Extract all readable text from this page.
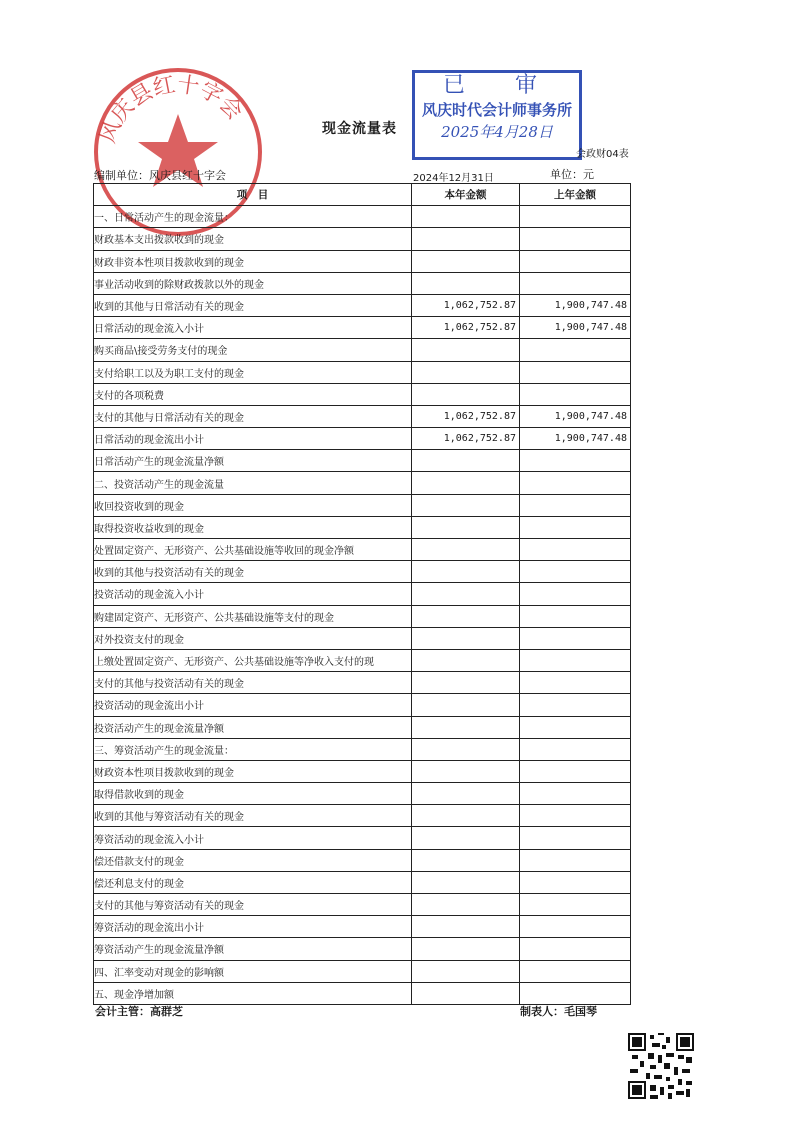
风庆县红十字会
已　审
风庆时代会计师事务所
2025年4月28日
现金流量表
会政财04表
编制单位：风庆县红十字会	2024年12月31日	单位：元
项　目	本年金额	上年金额
一、日常活动产生的现金流量：		
财政基本支出拨款收到的现金		
财政非资本性项目拨款收到的现金		
事业活动收到的除财政拨款以外的现金		
收到的其他与日常活动有关的现金	1,062,752.87	1,900,747.48
日常活动的现金流入小计	1,062,752.87	1,900,747.48
购买商品\接受劳务支付的现金		
支付给职工以及为职工支付的现金		
支付的各项税费		
支付的其他与日常活动有关的现金	1,062,752.87	1,900,747.48
日常活动的现金流出小计	1,062,752.87	1,900,747.48
日常活动产生的现金流量净额		
二、投资活动产生的现金流量		
收回投资收到的现金		
取得投资收益收到的现金		
处置固定资产、无形资产、公共基础设施等收回的现金净额		
收到的其他与投资活动有关的现金		
投资活动的现金流入小计		
购建固定资产、无形资产、公共基础设施等支付的现金		
对外投资支付的现金		
上缴处置固定资产、无形资产、公共基础设施等净收入支付的现		
支付的其他与投资活动有关的现金		
投资活动的现金流出小计		
投资活动产生的现金流量净额		
三、筹资活动产生的现金流量：		
财政资本性项目拨款收到的现金		
取得借款收到的现金		
收到的其他与筹资活动有关的现金		
筹资活动的现金流入小计		
偿还借款支付的现金		
偿还利息支付的现金		
支付的其他与筹资活动有关的现金		
筹资活动的现金流出小计		
筹资活动产生的现金流量净额		
四、汇率变动对现金的影响额		
五、现金净增加额		
会计主管：高群芝	制表人：毛国琴
